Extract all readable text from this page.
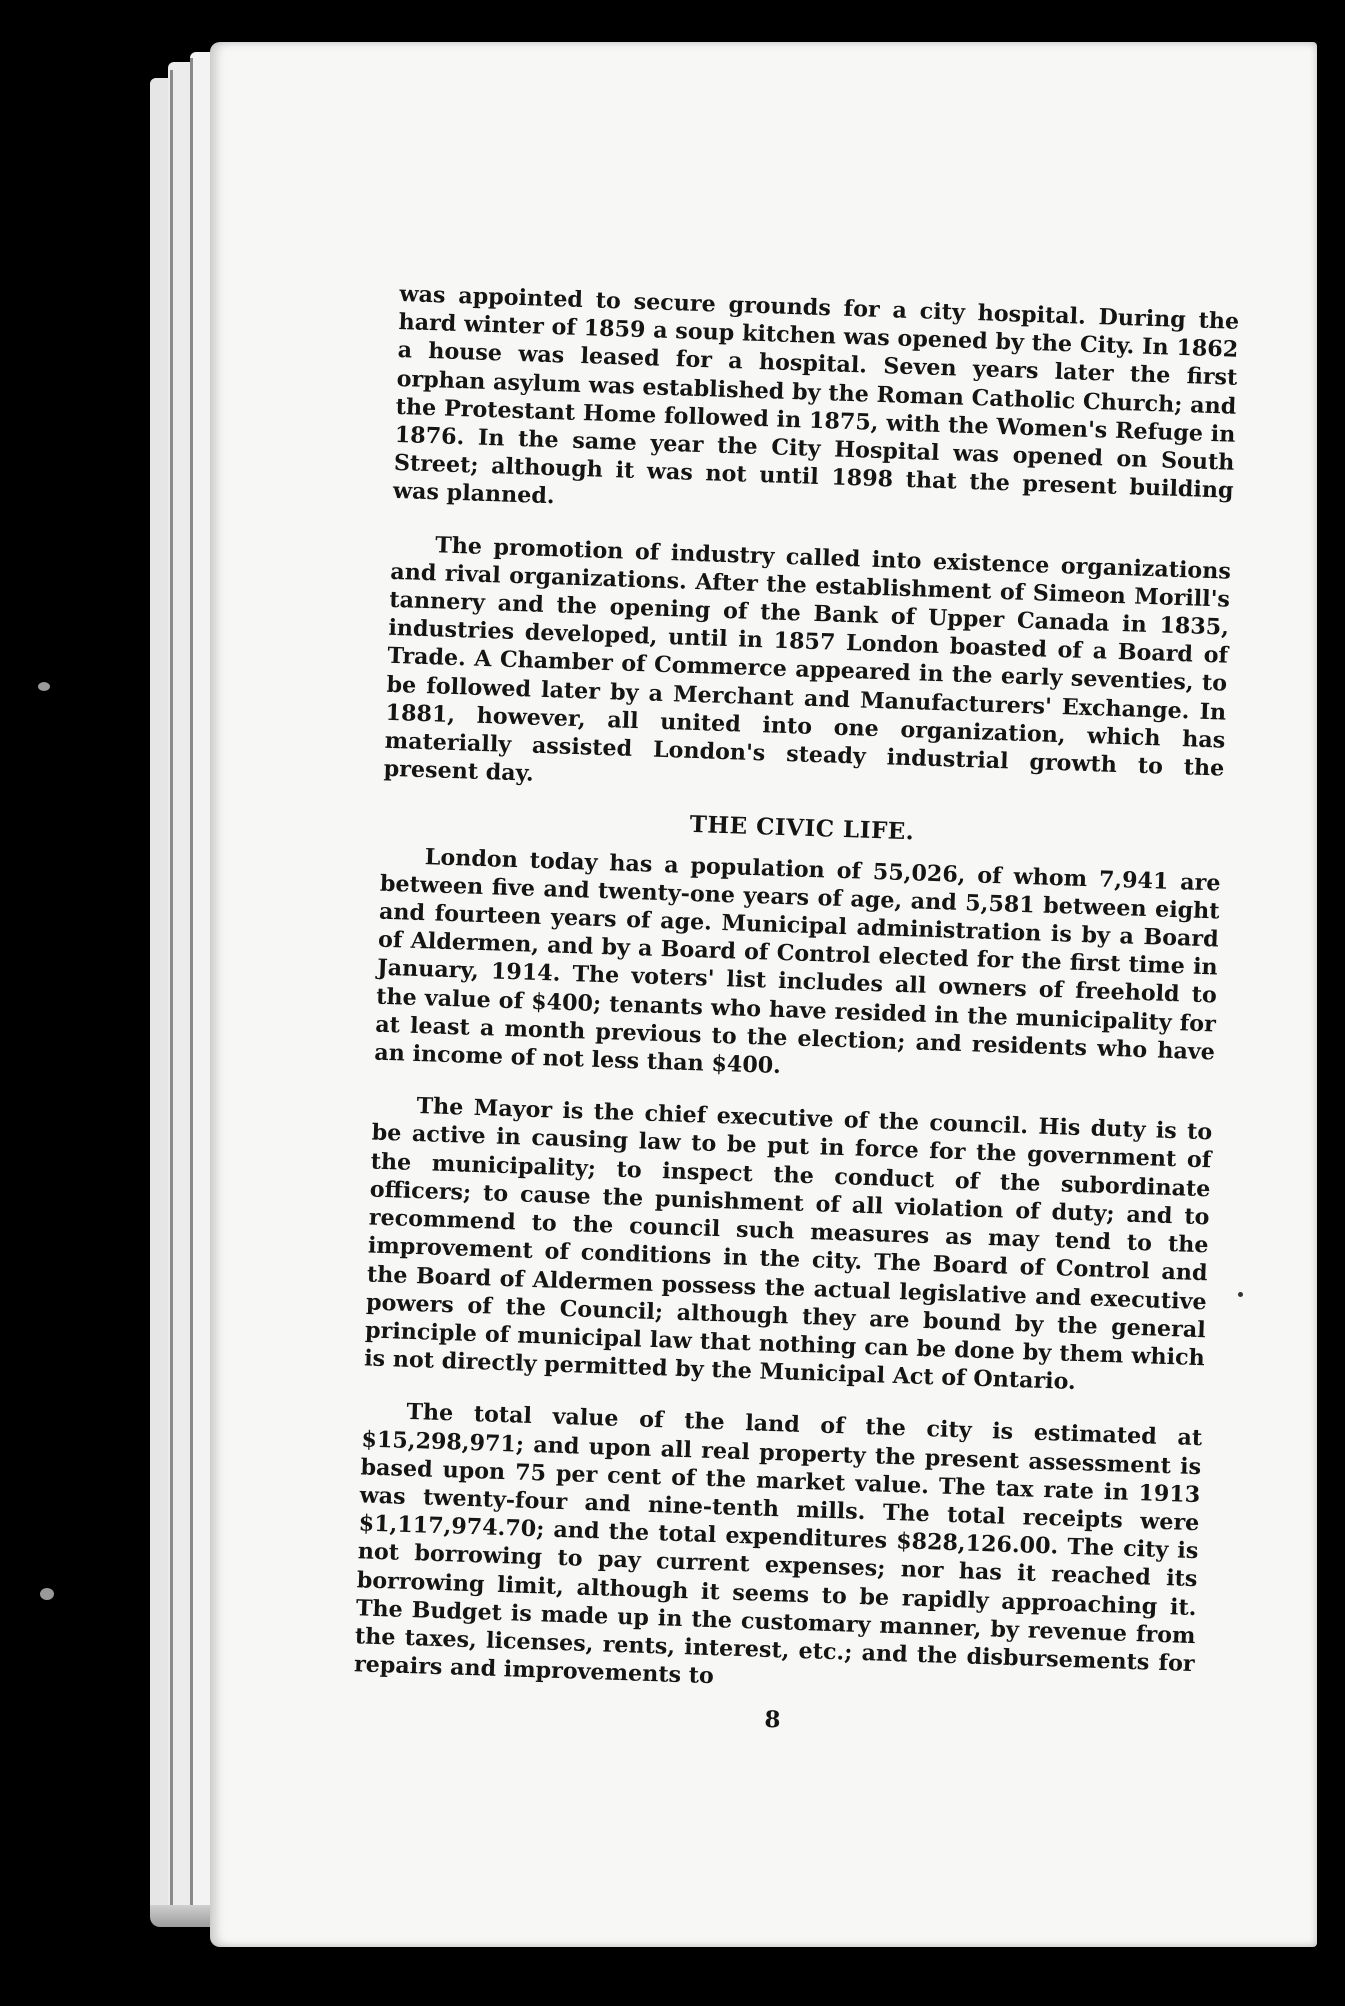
was appointed to secure grounds for a city hospital. During the hard winter of 1859 a soup kitchen was opened by the City. In 1862 a house was leased for a hospital. Seven years later the first orphan asylum was established by the Roman Catholic Church; and the Protestant Home followed in 1875, with the Women's Refuge in 1876. In the same year the City Hospital was opened on South Street; although it was not until 1898 that the present building was planned.

The promotion of industry called into existence organizations and rival organizations. After the establishment of Simeon Morill's tannery and the opening of the Bank of Upper Canada in 1835, industries developed, until in 1857 London boasted of a Board of Trade. A Chamber of Commerce appeared in the early seventies, to be followed later by a Merchant and Manufacturers' Exchange. In 1881, however, all united into one organization, which has materially assisted London's steady industrial growth to the present day.

THE CIVIC LIFE.

London today has a population of 55,026, of whom 7,941 are between five and twenty-one years of age, and 5,581 between eight and fourteen years of age. Municipal administration is by a Board of Aldermen, and by a Board of Control elected for the first time in January, 1914. The voters' list includes all owners of freehold to the value of $400; tenants who have resided in the municipality for at least a month previous to the election; and residents who have an income of not less than $400.

The Mayor is the chief executive of the council. His duty is to be active in causing law to be put in force for the government of the municipality; to inspect the conduct of the subordinate officers; to cause the punishment of all violation of duty; and to recommend to the council such measures as may tend to the improvement of conditions in the city. The Board of Control and the Board of Aldermen possess the actual legislative and executive powers of the Council; although they are bound by the general principle of municipal law that nothing can be done by them which is not directly permitted by the Municipal Act of Ontario.

The total value of the land of the city is estimated at $15,298,971; and upon all real property the present assessment is based upon 75 per cent of the market value. The tax rate in 1913 was twenty-four and nine-tenth mills. The total receipts were $1,117,974.70; and the total expenditures $828,126.00. The city is not borrowing to pay current expenses; nor has it reached its borrowing limit, although it seems to be rapidly approaching it. The Budget is made up in the customary manner, by revenue from the taxes, licenses, rents, interest, etc.; and the disbursements for repairs and improvements to

8
